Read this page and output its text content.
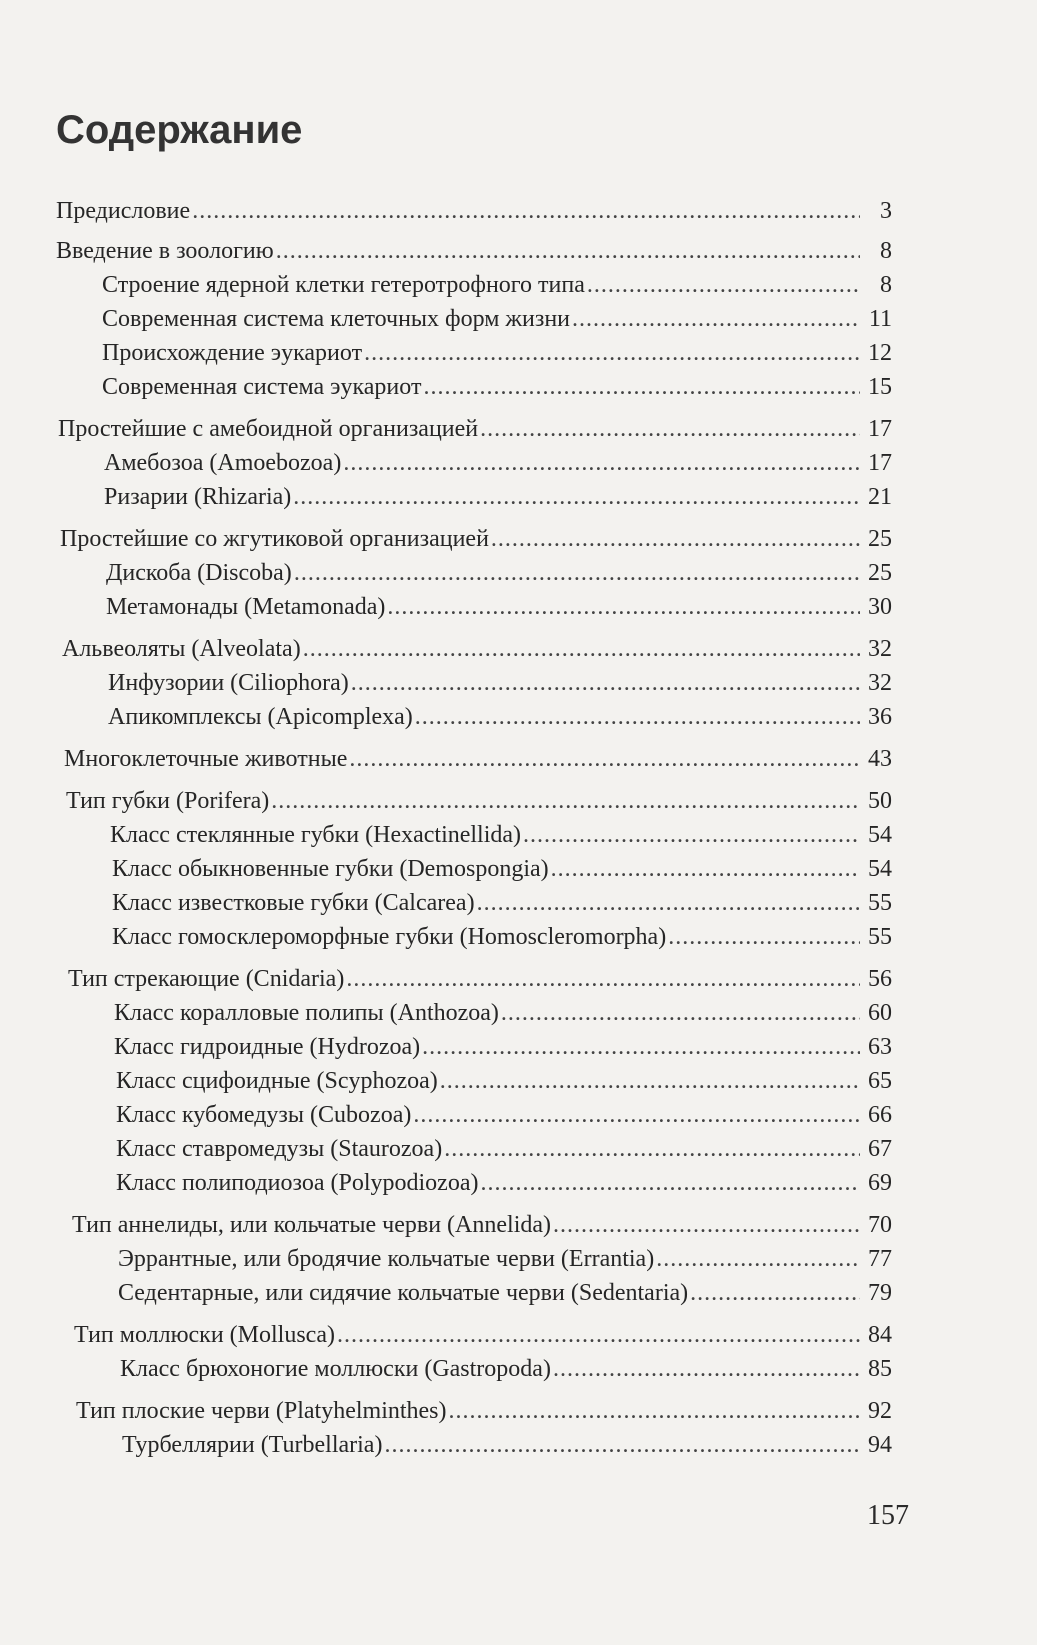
Содержание
Предисловие .....	3
Введение в зоологию .....	8
Строение ядерной клетки гетеротрофного типа .....	8
Современная система клеточных форм жизни .....	11
Происхождение эукариот .....	12
Современная система эукариот .....	15
Простейшие с амебоидной организацией .....	17
Амебозоа (Amoebozoa) .....	17
Ризарии (Rhizaria) .....	21
Простейшие со жгутиковой организацией .....	25
Дискоба (Discoba) .....	25
Метамонады (Metamonada) .....	30
Альвеоляты (Alveolata) .....	32
Инфузории (Ciliophora) .....	32
Апикомплексы (Apicomplexa) .....	36
Многоклеточные животные .....	43
Тип губки (Porifera) .....	50
Класс стеклянные губки (Hexactinellida) .....	54
Класс обыкновенные губки (Demospongia) .....	54
Класс известковые губки (Calcarea) .....	55
Класс гомосклероморфные губки (Homoscleromorpha) .....	55
Тип стрекающие (Cnidaria) .....	56
Класс коралловые полипы (Anthozoa) .....	60
Класс гидроидные (Hydrozoa) .....	63
Класс сцифоидные (Scyphozoa) .....	65
Класс кубомедузы (Cubozoa) .....	66
Класс ставромедузы (Staurozoa) .....	67
Класс полиподиозоа (Polypodiozoa) .....	69
Тип аннелиды, или кольчатые черви (Annelida) .....	70
Эррантные, или бродячие кольчатые черви (Errantia) .....	77
Седентарные, или сидячие кольчатые черви (Sedentaria) .....	79
Тип моллюски (Mollusca) .....	84
Класс брюхоногие моллюски (Gastropoda) .....	85
Тип плоские черви (Platyhelminthes) .....	92
Турбеллярии (Turbellaria) .....	94
157
